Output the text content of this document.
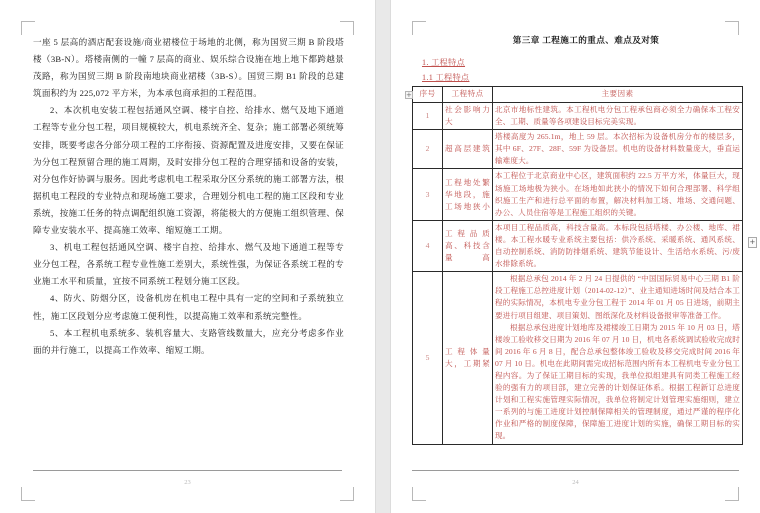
一座 5 层高的酒店配套设施/商业裙楼位于场地的北侧，称为国贸三期 B 阶段塔楼（3B-N）。塔楼南侧的一幢 7 层高的商业、娱乐综合设施在地上地下都跨越景茂路，称为国贸三期 B 阶段南地块商业裙楼（3B-S）。国贸三期 B1 阶段的总建筑面积约为 225,072 平方米，为本承包商承担的工程范围。

2、本次机电安装工程包括通风空调、楼宇自控、给排水、燃气及地下通道工程等专业分包工程，项目规模较大，机电系统齐全、复杂；施工部署必须统筹安排，既要考虑各分部分项工程的工序衔接、资源配置及进度安排，又要在保证为分包工程预留合理的施工周期，及时安排分包工程的合理穿插和设备的安装，对分包作好协调与服务。因此考虑机电工程采取分区分系统的施工部署方法，根据机电工程段的专业特点和现场施工要求，合理划分机电工程的施工区段和专业系统，按施工任务的特点调配组织施工资源，将能极大的方便施工组织管理、保障专业安装水平、提高施工效率、缩短施工工期。

3、机电工程包括通风空调、楼宇自控、给排水、燃气及地下通道工程等专业分包工程，各系统工程专业性施工差别大，系统性强，为保证各系统工程的专业施工水平和质量，宜按不同系统工程划分施工区段。

4、防火、防烟分区，设备机房在机电工程中具有一定的空间和子系统独立性，施工区段划分应考虑施工便利性，以提高施工效率和系统完整性。

5、本工程机电系统多、装机容量大、支路管线数量大，应充分考虑多作业面的并行施工，以提高工作效率、缩短工期。

23
第三章 工程施工的重点、难点及对策
1. 工程特点
1.1 工程特点
+
+
序号	工程特点	主要因素
1	社会影响力大	北京市地标性建筑。本工程机电分包工程承包商必须全力确保本工程安全、工期、质量等各项建设目标完美实现。

2	超高层建筑	塔楼高度为 265.1m，地上 59 层。本次招标为设备机房分布的楼层多，其中 6F、27F、28F、59F 为设备层。机电的设备材料数量庞大，垂直运输难度大。

3	工程地处繁华地段，施工场地狭小	本工程位于北京商业中心区，建筑面积约 22.5 万平方米，体量巨大，现场施工场地极为狭小。在场地如此狭小的情况下如何合理部署、科学组织施工生产和进行总平面的布置，解决材料加工场、堆场、交通问题、办公、人员住宿等是工程施工组织的关键。

4	工程品质高、科技含量高	本项目工程品质高，科技含量高。本标段包括塔楼、办公楼、地库、裙楼。本工程水暖专业系统主要包括：供冷系统、采暖系统、通风系统、自动控制系统、消防防排烟系统、建筑节能设计、生活给水系统、污/废水排除系统。

5	工程体量大，工期紧	根据总承包 2014 年 2 月 24 日提供的 “中国国际贸易中心三期 B1 阶段工程施工总控进度计划（2014-02-12）”、业主通知进场时间及结合本工程的实际情况，本机电专业分包工程于 2014 年 01 月 05 日进场，前期主要进行项目组建、项目策划、图纸深化及材料设备报审等准备工作。

根据总承包进度计划地库及裙楼竣工日期为 2015 年 10 月 03 日，塔楼竣工验收移交日期为 2016 年 07 月 10 日，机电各系统调试验收完成时间 2016 年 6 月 8 日，配合总承包整体竣工验收及移交完成时间 2016 年 07 月 10 日。机电在此期间需完成招标范围内所有本工程机电专业分包工程内容。为了保证工期目标的实现，我单位拟组建具有同类工程施工经验的强有力的项目部，建立完善的计划保证体系。根据工程新订总进度计划和工程实施管理实际情况，我单位将制定计划管理实施细则，建立一系列的与施工进度计划控制保障相关的管理制度，通过严谨的程序化作业和严格的制度保障，保障施工进度计划的实施，确保工期目标的实现。

24
